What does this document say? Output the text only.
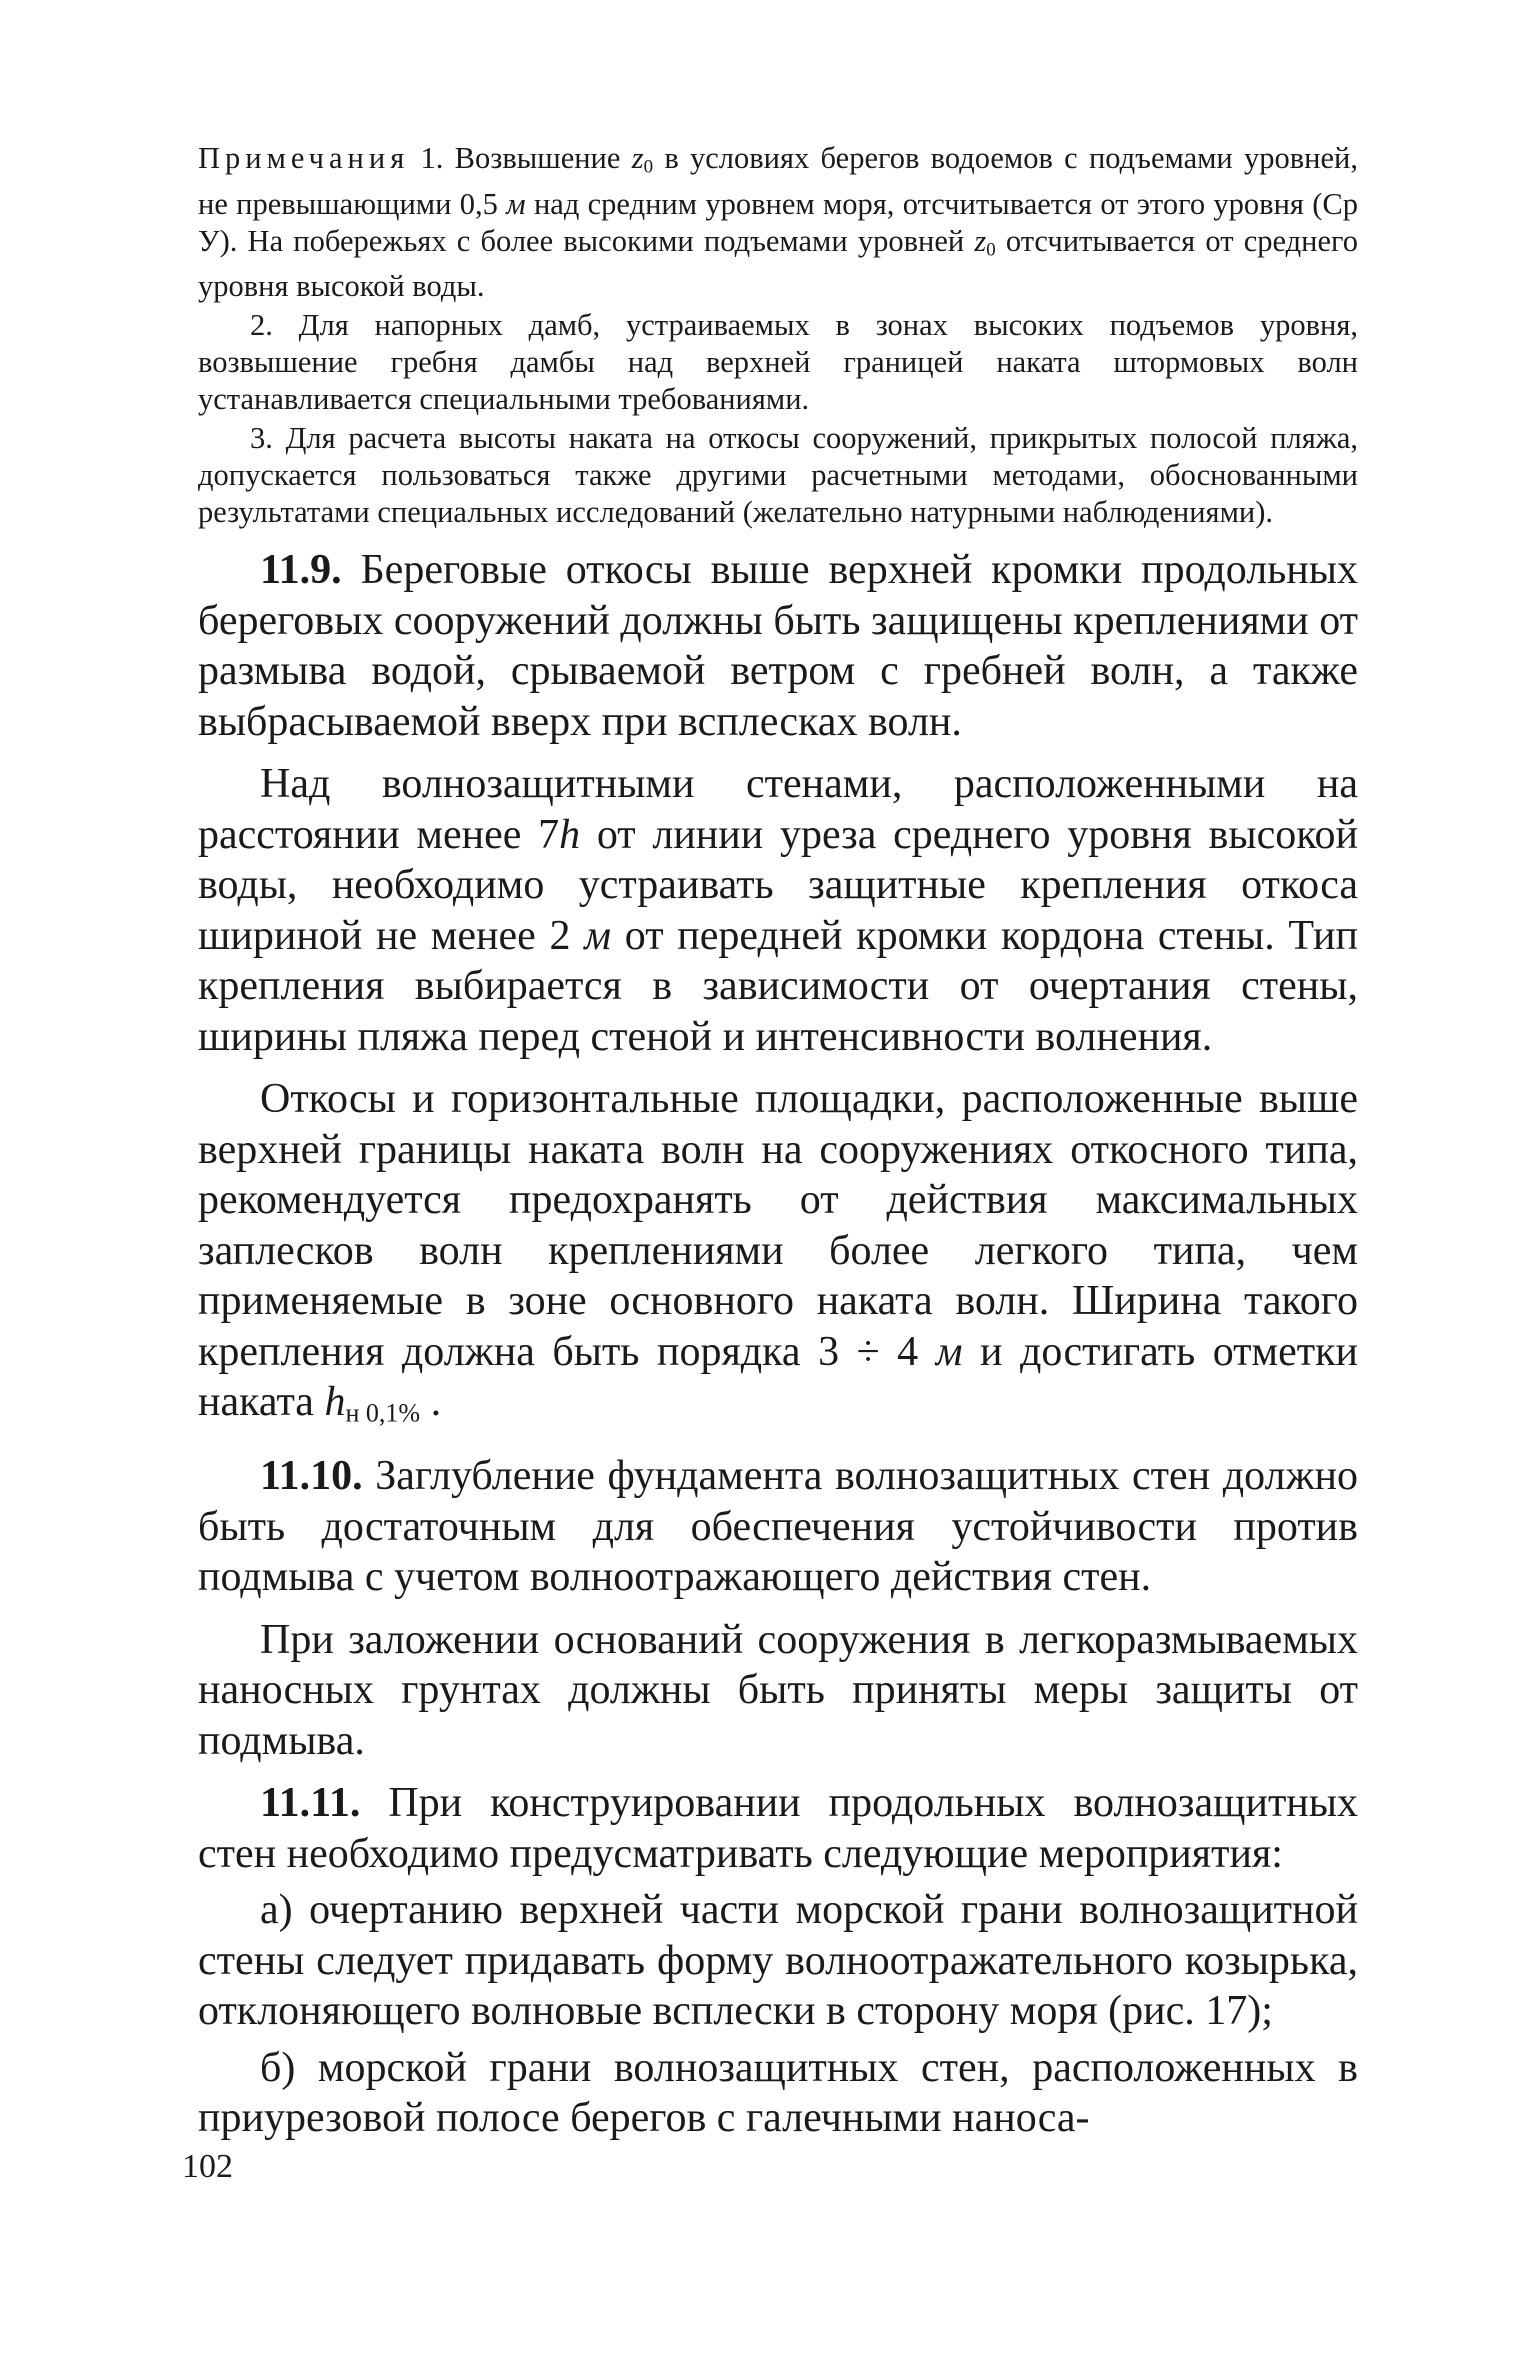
Примечания 1. Возвышение $z_0$ в условиях берегов водоемов с подъемами уровней, не превышающими 0,5 м над средним уровнем моря, отсчитывается от этого уровня (Ср У). На побережьях с более высокими подъемами уровней $z_0$ отсчитывается от среднего уровня высокой воды.

2. Для напорных дамб, устраиваемых в зонах высоких подъемов уровня, возвышение гребня дамбы над верхней границей наката штормовых волн устанавливается специальными требованиями.

3. Для расчета высоты наката на откосы сооружений, прикрытых полосой пляжа, допускается пользоваться также другими расчетными методами, обоснованными результатами специальных исследований (желательно натурными наблюдениями).

11.9. Береговые откосы выше верхней кромки продольных береговых сооружений должны быть защищены креплениями от размыва водой, срываемой ветром с гребней волн, а также выбрасываемой вверх при всплесках волн.

Над волнозащитными стенами, расположенными на расстоянии менее 7h от линии уреза среднего уровня высокой воды, необходимо устраивать защитные крепления откоса шириной не менее 2 м от передней кромки кордона стены. Тип крепления выбирается в зависимости от очертания стены, ширины пляжа перед стеной и интенсивности волнения.

Откосы и горизонтальные площадки, расположенные выше верхней границы наката волн на сооружениях откосного типа, рекомендуется предохранять от действия максимальных заплесков волн креплениями более легкого типа, чем применяемые в зоне основного наката волн. Ширина такого крепления должна быть порядка 3 ÷ 4 м и достигать отметки наката $h_{н 0,1\%}$ .

11.10. Заглубление фундамента волнозащитных стен должно быть достаточным для обеспечения устойчивости против подмыва с учетом волноотражающего действия стен.

При заложении оснований сооружения в легкоразмываемых наносных грунтах должны быть приняты меры защиты от подмыва.

11.11. При конструировании продольных волнозащитных стен необходимо предусматривать следующие мероприятия:

а) очертанию верхней части морской грани волнозащитной стены следует придавать форму волноотражательного козырька, отклоняющего волновые всплески в сторону моря (рис. 17);

б) морской грани волнозащитных стен, расположенных в приурезовой полосе берегов с галечными наноса-

102
